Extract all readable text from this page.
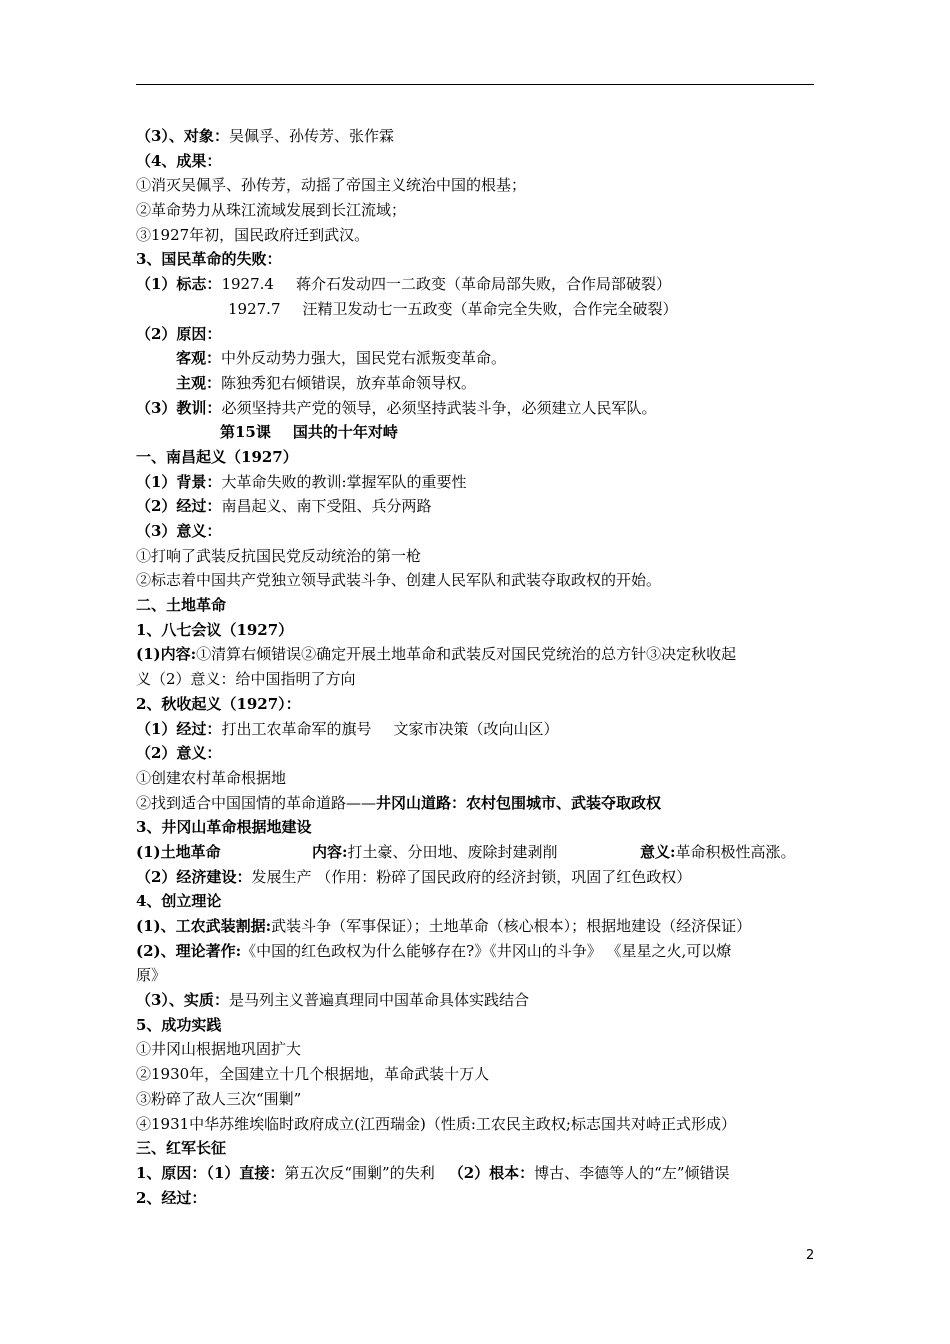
（3）、对象：吴佩孚、孙传芳、张作霖
（4、成果：
①消灭吴佩孚、孙传芳，动摇了帝国主义统治中国的根基；
②革命势力从珠江流域发展到长江流域；
③1927年初，国民政府迁到武汉。
3、国民革命的失败：
（1）标志：1927.4 蒋介石发动四一二政变（革命局部失败，合作局部破裂）
1927.7 汪精卫发动七一五政变（革命完全失败，合作完全破裂）
（2）原因：
客观：中外反动势力强大，国民党右派叛变革命。
主观：陈独秀犯右倾错误，放弃革命领导权。
（3）教训：必须坚持共产党的领导，必须坚持武装斗争，必须建立人民军队。
第15课 国共的十年对峙
一、南昌起义（1927）
（1）背景：大革命失败的教训:掌握军队的重要性
（2）经过：南昌起义、南下受阻、兵分两路
（3）意义：
①打响了武装反抗国民党反动统治的第一枪
②标志着中国共产党独立领导武装斗争、创建人民军队和武装夺取政权的开始。
二、土地革命
1、八七会议（1927）
(1)内容:①清算右倾错误②确定开展土地革命和武装反对国民党统治的总方针③决定秋收起
义（2）意义：给中国指明了方向
2、秋收起义（1927）：
（1）经过：打出工农革命军的旗号 文家市决策（改向山区）
（2）意义：
①创建农村革命根据地
②找到适合中国国情的革命道路——井冈山道路：农村包围城市、武装夺取政权
3、井冈山革命根据地建设
(1)土地革命	内容:打土豪、分田地、废除封建剥削	意义:革命积极性高涨。
（2）经济建设：发展生产 （作用：粉碎了国民政府的经济封锁，巩固了红色政权）
4、创立理论
(1)、工农武装割据:武装斗争（军事保证）；土地革命（核心根本）；根据地建设（经济保证）
(2)、理论著作:《中国的红色政权为什么能够存在?》《井冈山的斗争》 《星星之火,可以燎
原》
（3）、实质：是马列主义普遍真理同中国革命具体实践结合
5、成功实践
①井冈山根据地巩固扩大
②1930年，全国建立十几个根据地，革命武装十万人
③粉碎了敌人三次“围剿”
④1931中华苏维埃临时政府成立(江西瑞金)（性质:工农民主政权;标志国共对峙正式形成）
三、红军长征
1、原因：（1）直接：第五次反“围剿”的失利 （2）根本：博古、李德等人的“左”倾错误
2、经过：
2
